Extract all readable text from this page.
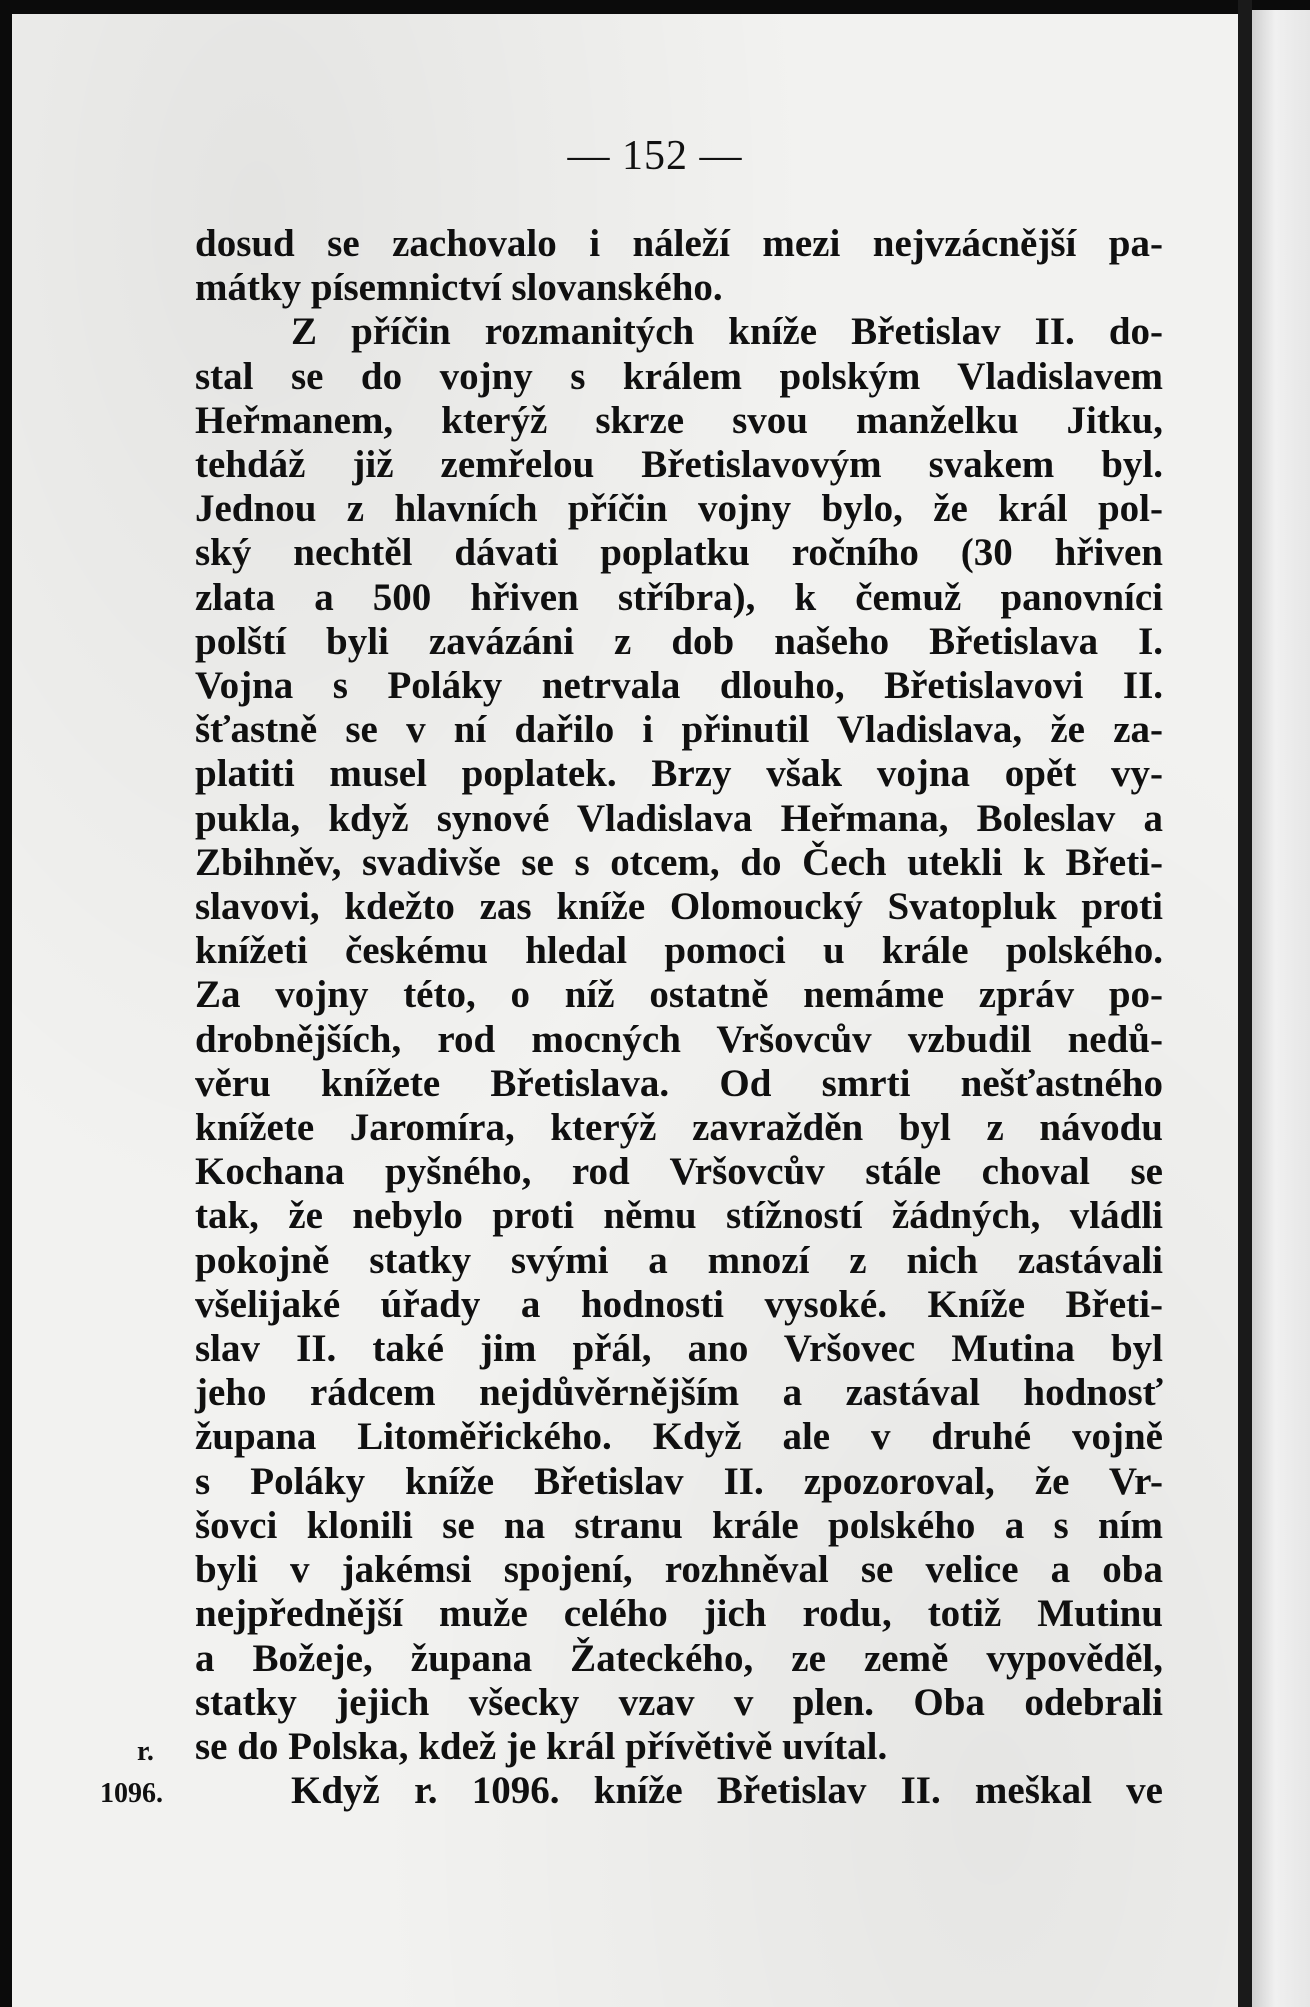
— 152 —
r.
1096.
dosud se zachovalo i náleží mezi nejvzácnější pa-
mátky písemnictví slovanského.
Z příčin rozmanitých kníže Břetislav II. do-
stal se do vojny s králem polským Vladislavem
Heřmanem, kterýž skrze svou manželku Jitku,
tehdáž již zemřelou Břetislavovým svakem byl.
Jednou z hlavních příčin vojny bylo, že král pol-
ský nechtěl dávati poplatku ročního (30 hřiven
zlata a 500 hřiven stříbra), k čemuž panovníci
polští byli zavázáni z dob našeho Břetislava I.
Vojna s Poláky netrvala dlouho, Břetislavovi II.
šťastně se v ní dařilo i přinutil Vladislava, že za-
platiti musel poplatek. Brzy však vojna opět vy-
pukla, když synové Vladislava Heřmana, Boleslav a
Zbihněv, svadivše se s otcem, do Čech utekli k Břeti-
slavovi, kdežto zas kníže Olomoucký Svatopluk proti
knížeti českému hledal pomoci u krále polského.
Za vojny této, o níž ostatně nemáme zpráv po-
drobnějších, rod mocných Vršovcův vzbudil nedů-
věru knížete Břetislava. Od smrti nešťastného
knížete Jaromíra, kterýž zavražděn byl z návodu
Kochana pyšného, rod Vršovcův stále choval se
tak, že nebylo proti němu stížností žádných, vládli
pokojně statky svými a mnozí z nich zastávali
všelijaké úřady a hodnosti vysoké. Kníže Břeti-
slav II. také jim přál, ano Vršovec Mutina byl
jeho rádcem nejdůvěrnějším a zastával hodnosť
župana Litoměřického. Když ale v druhé vojně
s Poláky kníže Břetislav II. zpozoroval, že Vr-
šovci klonili se na stranu krále polského a s ním
byli v jakémsi spojení, rozhněval se velice a oba
nejpřednější muže celého jich rodu, totiž Mutinu
a Božeje, župana Žateckého, ze země vypověděl,
statky jejich všecky vzav v plen. Oba odebrali
se do Polska, kdež je král přívětivě uvítal.
Když r. 1096. kníže Břetislav II. meškal ve
